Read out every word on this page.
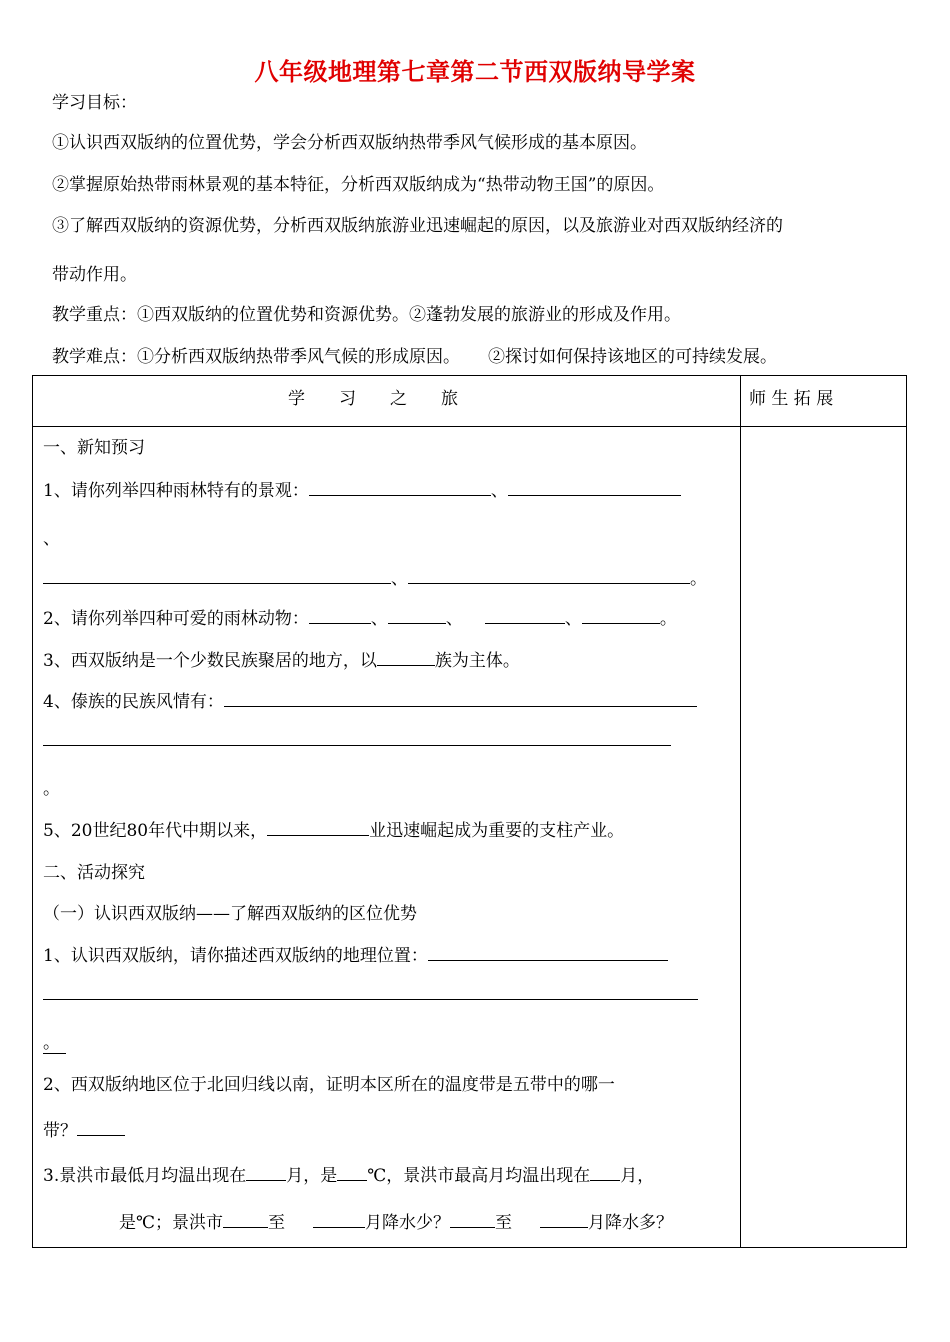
八年级地理第七章第二节西双版纳导学案
学习目标：
①认识西双版纳的位置优势，学会分析西双版纳热带季风气候形成的基本原因。
②掌握原始热带雨林景观的基本特征，分析西双版纳成为“热带动物王国”的原因。
③了解西双版纳的资源优势，分析西双版纳旅游业迅速崛起的原因，以及旅游业对西双版纳经济的
带动作用。
教学重点：①西双版纳的位置优势和资源优势。②蓬勃发展的旅游业的形成及作用。
教学难点：①分析西双版纳热带季风气候的形成原因。 ②探讨如何保持该地区的可持续发展。
学　　习　　之　　旅	师 生 拓 展
一、新知预习
1、请你列举四种雨林特有的景观：	、
、
、	。
2、请你列举四种可爱的雨林动物：	、	、	、	。
3、西双版纳是一个少数民族聚居的地方，以	族为主体。
4、傣族的民族风情有：
。
5、20世纪80年代中期以来，	业迅速崛起成为重要的支柱产业。
二、活动探究
（一）认识西双版纳——了解西双版纳的区位优势
1、认识西双版纳，请你描述西双版纳的地理位置：
。
2、西双版纳地区位于北回归线以南，证明本区所在的温度带是五带中的哪一
带？
3.景洪市最低月均温出现在 月，是 ℃，景洪市最高月均温出现在 月，
是℃；景洪市	至	月降水少？	至	月降水多？
